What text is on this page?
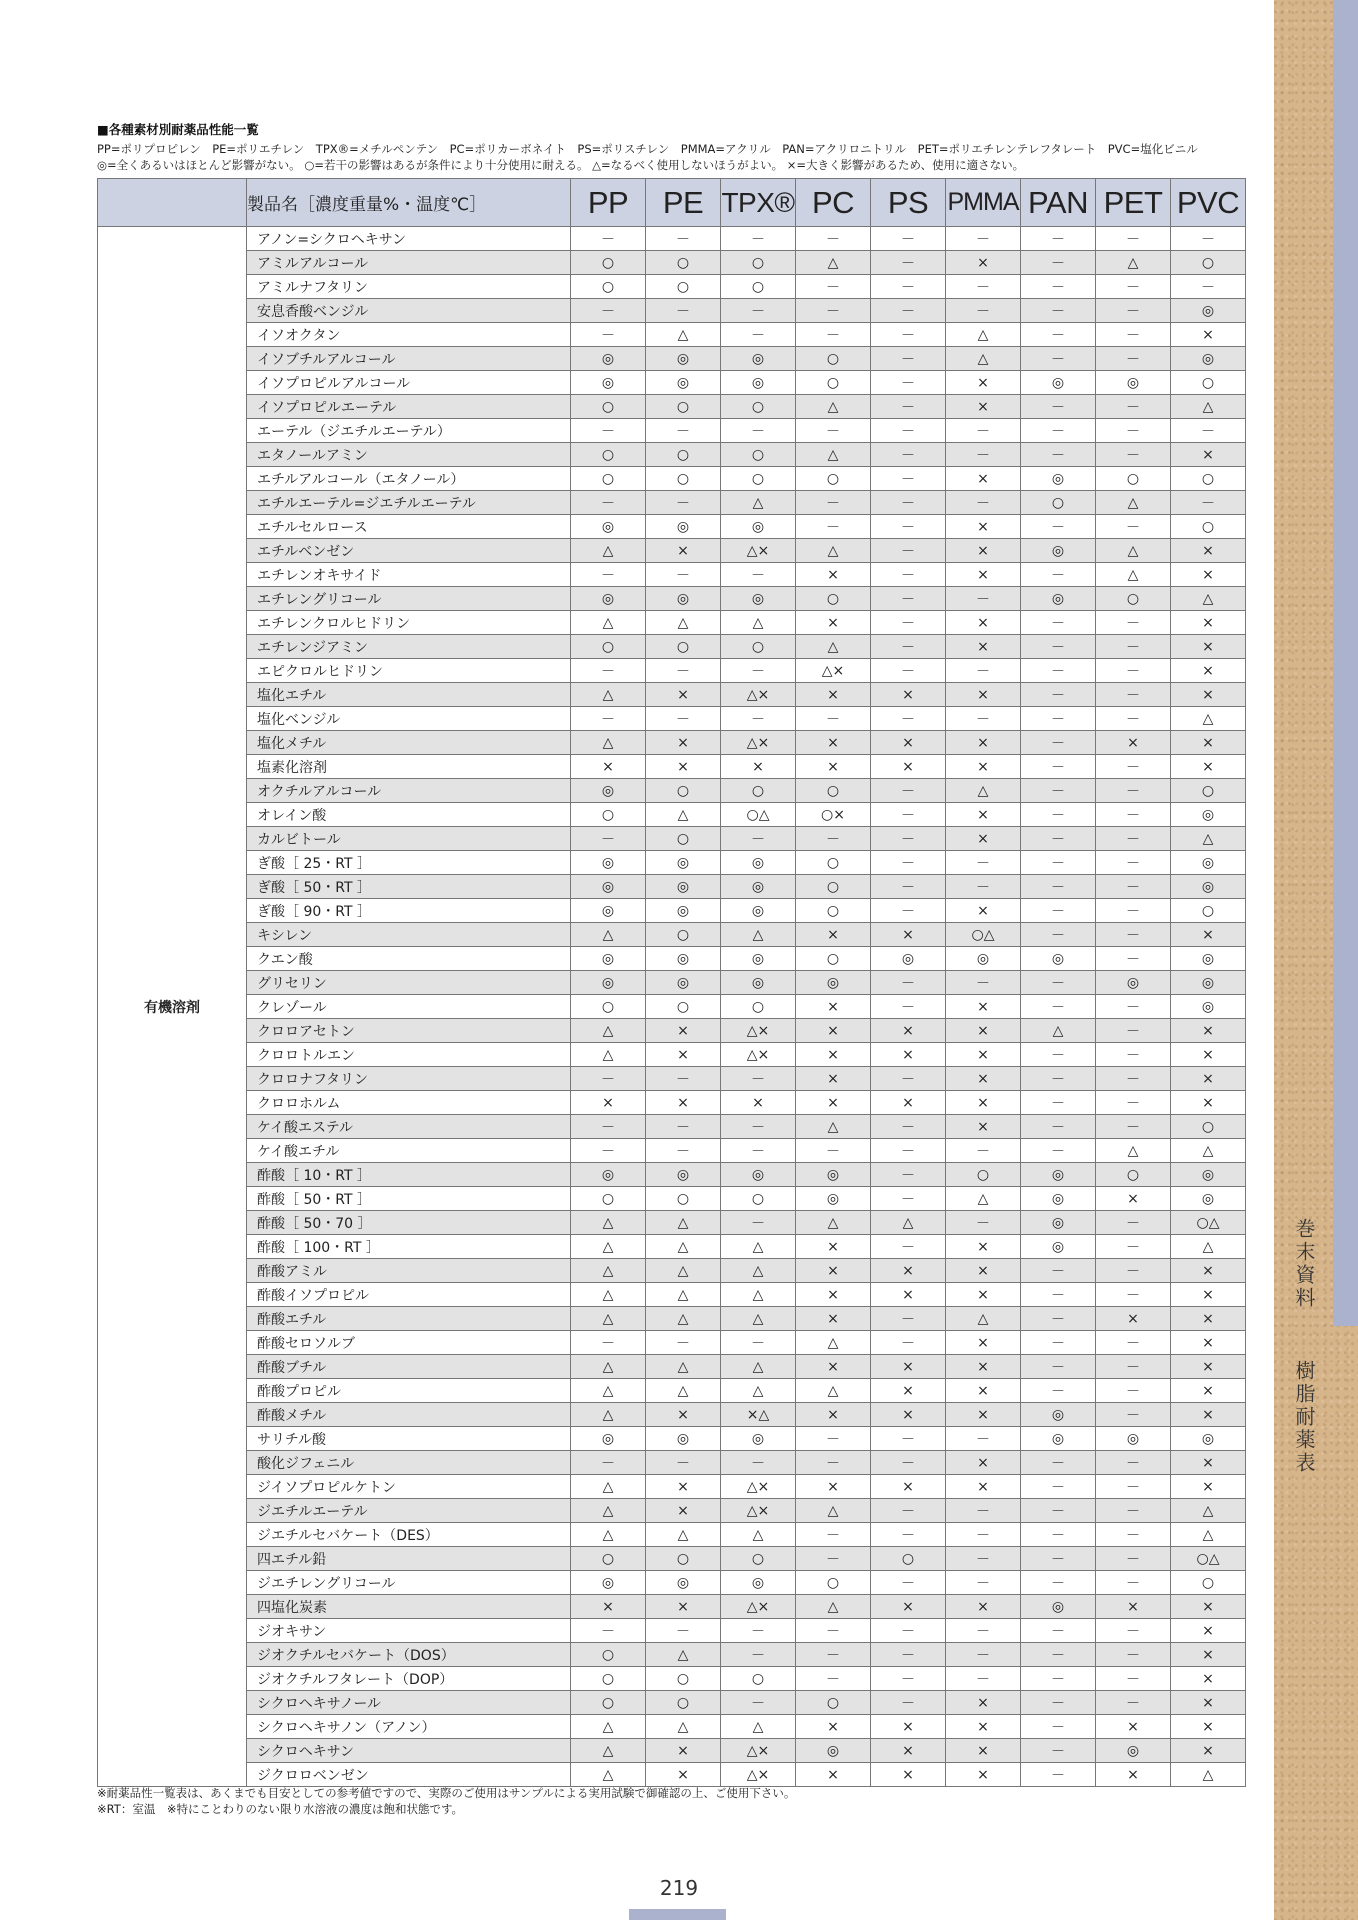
巻末資料
樹脂耐薬表
■各種素材別耐薬品性能一覧
PP=ポリプロピレン　PE=ポリエチレン　TPX®=メチルペンテン　PC=ポリカーボネイト　PS=ポリスチレン　PMMA=アクリル　PAN=アクリロニトリル　PET=ポリエチレンテレフタレート　PVC=塩化ビニル
◎=全くあるいはほとんど影響がない。 ○=若干の影響はあるが条件により十分使用に耐える。 △=なるべく使用しないほうがよい。 ×=大きく影響があるため、使用に適さない。
	製品名［濃度重量%・温度℃］	PP	PE	TPX®	PC	PS	PMMA	PAN	PET	PVC
有機溶剤	アノン=シクロヘキサン	－	－	－	－	－	－	－	－	－
	アミルアルコール	○	○	○	△	－	×	－	△	○
	アミルナフタリン	○	○	○	－	－	－	－	－	－
	安息香酸ベンジル	－	－	－	－	－	－	－	－	◎
	イソオクタン	－	△	－	－	－	△	－	－	×
	イソブチルアルコール	◎	◎	◎	○	－	△	－	－	◎
	イソプロピルアルコール	◎	◎	◎	○	－	×	◎	◎	○
	イソプロピルエーテル	○	○	○	△	－	×	－	－	△
	エーテル（ジエチルエーテル）	－	－	－	－	－	－	－	－	－
	エタノールアミン	○	○	○	△	－	－	－	－	×
	エチルアルコール（エタノール）	○	○	○	○	－	×	◎	○	○
	エチルエーテル=ジエチルエーテル	－	－	△	－	－	－	○	△	－
	エチルセルロース	◎	◎	◎	－	－	×	－	－	○
	エチルベンゼン	△	×	△×	△	－	×	◎	△	×
	エチレンオキサイド	－	－	－	×	－	×	－	△	×
	エチレングリコール	◎	◎	◎	○	－	－	◎	○	△
	エチレンクロルヒドリン	△	△	△	×	－	×	－	－	×
	エチレンジアミン	○	○	○	△	－	×	－	－	×
	エピクロルヒドリン	－	－	－	△×	－	－	－	－	×
	塩化エチル	△	×	△×	×	×	×	－	－	×
	塩化ベンジル	－	－	－	－	－	－	－	－	△
	塩化メチル	△	×	△×	×	×	×	－	×	×
	塩素化溶剤	×	×	×	×	×	×	－	－	×
	オクチルアルコール	◎	○	○	○	－	△	－	－	○
	オレイン酸	○	△	○△	○×	－	×	－	－	◎
	カルビトール	－	○	－	－	－	×	－	－	△
	ぎ酸［ 25・RT ］	◎	◎	◎	○	－	－	－	－	◎
	ぎ酸［ 50・RT ］	◎	◎	◎	○	－	－	－	－	◎
	ぎ酸［ 90・RT ］	◎	◎	◎	○	－	×	－	－	○
	キシレン	△	○	△	×	×	○△	－	－	×
	クエン酸	◎	◎	◎	○	◎	◎	◎	－	◎
	グリセリン	◎	◎	◎	◎	－	－	－	◎	◎
	クレゾール	○	○	○	×	－	×	－	－	◎
	クロロアセトン	△	×	△×	×	×	×	△	－	×
	クロロトルエン	△	×	△×	×	×	×	－	－	×
	クロロナフタリン	－	－	－	×	－	×	－	－	×
	クロロホルム	×	×	×	×	×	×	－	－	×
	ケイ酸エステル	－	－	－	△	－	×	－	－	○
	ケイ酸エチル	－	－	－	－	－	－	－	△	△
	酢酸［ 10・RT ］	◎	◎	◎	◎	－	○	◎	○	◎
	酢酸［ 50・RT ］	○	○	○	◎	－	△	◎	×	◎
	酢酸［ 50・70 ］	△	△	－	△	△	－	◎	－	○△
	酢酸［ 100・RT ］	△	△	△	×	－	×	◎	－	△
	酢酸アミル	△	△	△	×	×	×	－	－	×
	酢酸イソプロピル	△	△	△	×	×	×	－	－	×
	酢酸エチル	△	△	△	×	－	△	－	×	×
	酢酸セロソルブ	－	－	－	△	－	×	－	－	×
	酢酸ブチル	△	△	△	×	×	×	－	－	×
	酢酸プロピル	△	△	△	△	×	×	－	－	×
	酢酸メチル	△	×	×△	×	×	×	◎	－	×
	サリチル酸	◎	◎	◎	－	－	－	◎	◎	◎
	酸化ジフェニル	－	－	－	－	－	×	－	－	×
	ジイソプロピルケトン	△	×	△×	×	×	×	－	－	×
	ジエチルエーテル	△	×	△×	△	－	－	－	－	△
	ジエチルセバケート（DES）	△	△	△	－	－	－	－	－	△
	四エチル鉛	○	○	○	－	○	－	－	－	○△
	ジエチレングリコール	◎	◎	◎	○	－	－	－	－	○
	四塩化炭素	×	×	△×	△	×	×	◎	×	×
	ジオキサン	－	－	－	－	－	－	－	－	×
	ジオクチルセバケート（DOS）	○	△	－	－	－	－	－	－	×
	ジオクチルフタレート（DOP）	○	○	○	－	－	－	－	－	×
	シクロヘキサノール	○	○	－	○	－	×	－	－	×
	シクロヘキサノン（アノン）	△	△	△	×	×	×	－	×	×
	シクロヘキサン	△	×	△×	◎	×	×	－	◎	×
	ジクロロベンゼン	△	×	△×	×	×	×	－	×	△
※耐薬品性一覧表は、あくまでも目安としての参考値ですので、実際のご使用はサンプルによる実用試験で御確認の上、ご使用下さい。
※RT：室温　※特にことわりのない限り水溶液の濃度は飽和状態です。
219
